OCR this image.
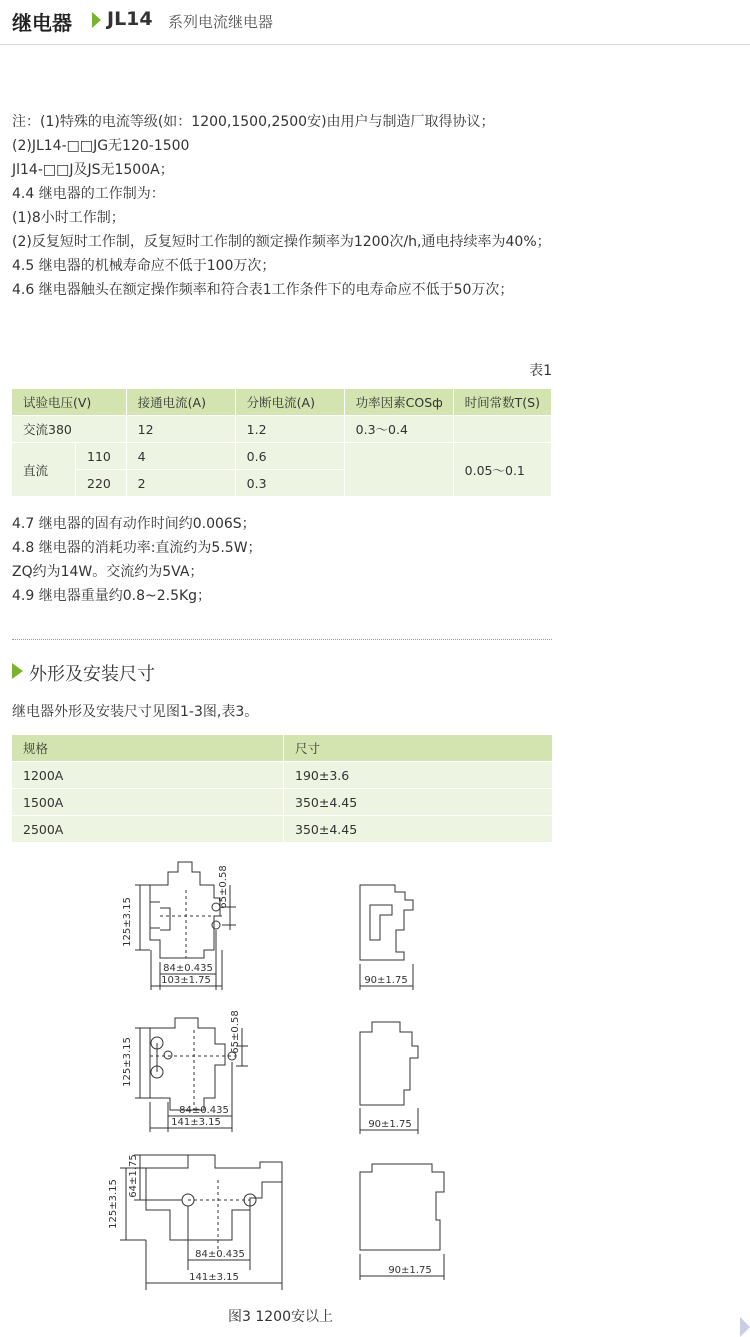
继电器 JL14 系列电流继电器

注：(1)特殊的电流等级(如：1200,1500,2500安)由用户与制造厂取得协议；

(2)JL14-□□JG无120-1500

Jl14-□□J及JS无1500A；

4.4 继电器的工作制为：

(1)8小时工作制；

(2)反复短时工作制，反复短时工作制的额定操作频率为1200次/h,通电持续率为40%；

4.5 继电器的机械寿命应不低于100万次；

4.6 继电器触头在额定操作频率和符合表1工作条件下的电寿命应不低于50万次；

表1
试验电压(V)		接通电流(A)	分断电流(A)	功率因素COSф	时间常数T(S)
交流380		12	1.2	0.3～0.4	
直流	110	4	0.6		0.05～0.1
	220	2	0.3		

4.7 继电器的固有动作时间约0.006S；

4.8 继电器的消耗功率:直流约为5.5W；

ZQ约为14W。交流约为5VA；

4.9 继电器重量约0.8~2.5Kg；

外形及安装尺寸
继电器外形及安装尺寸见图1-3图,表3。
规格	尺寸
1200A	190±3.6
1500A	350±4.45
2500A	350±4.45
125±3.15
65±0.58
84±0.435
103±1.75	90±1.75
125±3.15
65±0.58
84±0.435
141±3.15	90±1.75
125±3.15
64±1.75
84±0.435
141±3.15
90±1.75
图3 1200安以上
